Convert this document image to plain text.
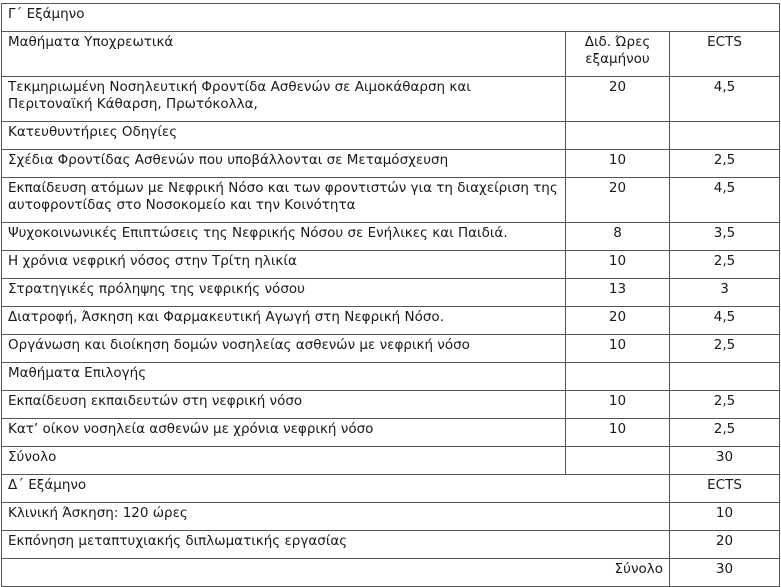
Γ΄ Εξάμηνο		
Μαθήματα Υποχρεωτικά	Διδ. Ώρες εξαμήνου	ECTS
Τεκμηριωμένη Νοσηλευτική Φροντίδα Ασθενών σε Αιμοκάθαρση και Περιτοναϊκή Κάθαρση, Πρωτόκολλα,	20	4,5
Κατευθυντήριες Οδηγίες		
Σχέδια Φροντίδας Ασθενών που υποβάλλονται σε Μεταμόσχευση	10	2,5
Εκπαίδευση ατόμων με Νεφρική Νόσο και των φροντιστών για τη διαχείριση της αυτοφροντίδας στο Νοσοκομείο και την Κοινότητα	20	4,5
Ψυχοκοινωνικές Επιπτώσεις της Νεφρικής Νόσου σε Ενήλικες και Παιδιά.	8	3,5
Η χρόνια νεφρική νόσος στην Τρίτη ηλικία	10	2,5
Στρατηγικές πρόληψης της νεφρικής νόσου	13	3
Διατροφή, Άσκηση και Φαρμακευτική Αγωγή στη Νεφρική Νόσο.	20	4,5
Οργάνωση και διοίκηση δομών νοσηλείας ασθενών με νεφρική νόσο	10	2,5
Μαθήματα Επιλογής		
Εκπαίδευση εκπαιδευτών στη νεφρική νόσο	10	2,5
Κατ’ οίκον νοσηλεία ασθενών με χρόνια νεφρική νόσο	10	2,5
Σύνολο		30
Δ΄ Εξάμηνο		ECTS
Κλινική Άσκηση: 120 ώρες		10
Εκπόνηση μεταπτυχιακής διπλωματικής εργασίας		20
Σύνολο		30
